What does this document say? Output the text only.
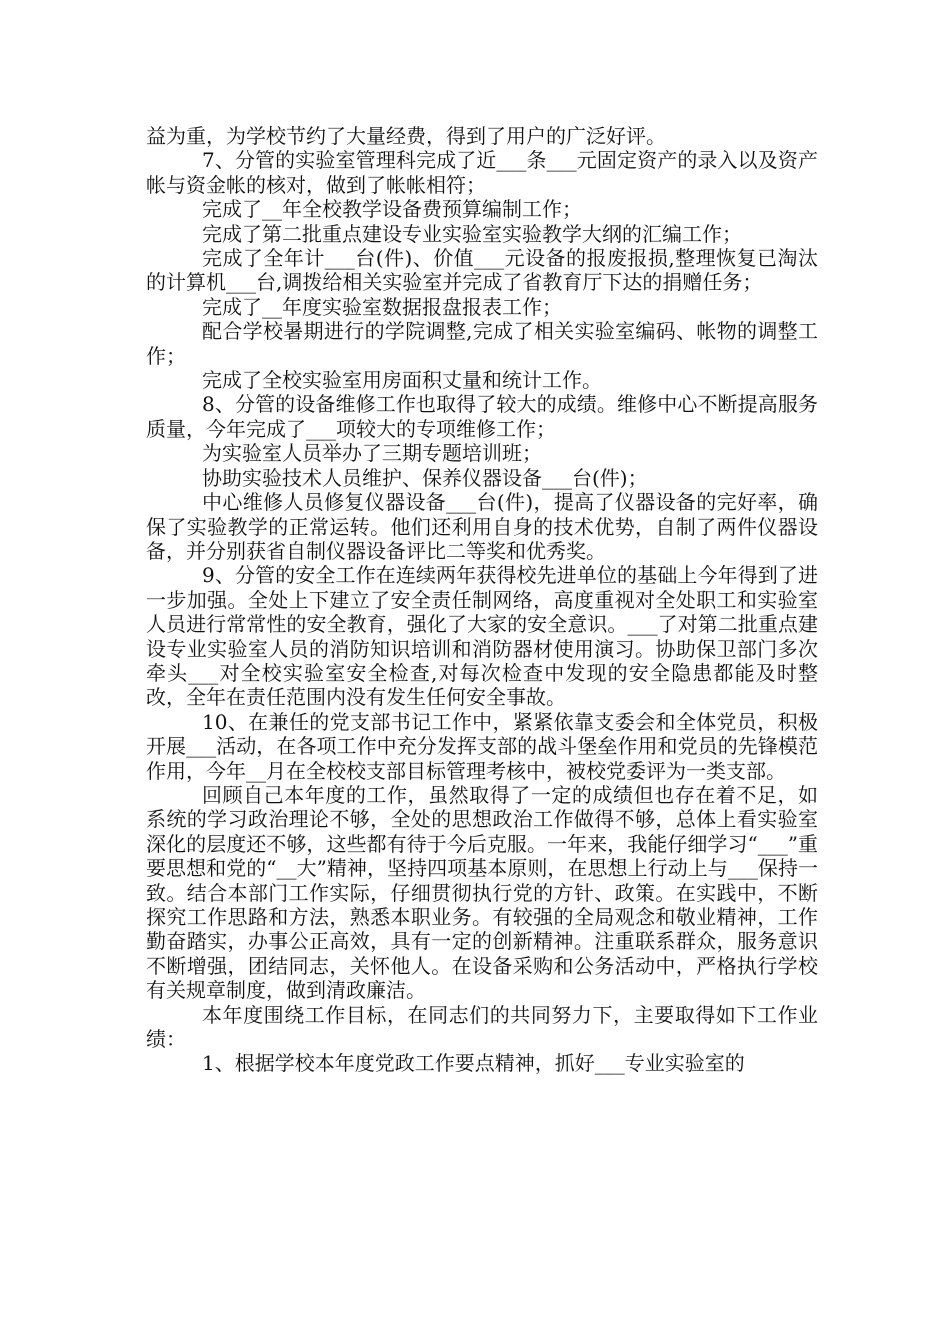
益为重，为学校节约了大量经费，得到了用户的广泛好评。

7、分管的实验室管理科完成了近___条___元固定资产的录入以及资产帐与资金帐的核对，做到了帐帐相符；

完成了__年全校教学设备费预算编制工作；

完成了第二批重点建设专业实验室实验教学大纲的汇编工作；

完成了全年计___台(件)、价值___元设备的报废报损,整理恢复已淘汰的计算机___台,调拨给相关实验室并完成了省教育厅下达的捐赠任务；

完成了__年度实验室数据报盘报表工作；

配合学校暑期进行的学院调整,完成了相关实验室编码、帐物的调整工作；

完成了全校实验室用房面积丈量和统计工作。

8、分管的设备维修工作也取得了较大的成绩。维修中心不断提高服务质量，今年完成了___项较大的专项维修工作；

为实验室人员举办了三期专题培训班；

协助实验技术人员维护、保养仪器设备___台(件)；

中心维修人员修复仪器设备___台(件)，提高了仪器设备的完好率，确保了实验教学的正常运转。他们还利用自身的技术优势，自制了两件仪器设备，并分别获省自制仪器设备评比二等奖和优秀奖。

9、分管的安全工作在连续两年获得校先进单位的基础上今年得到了进一步加强。全处上下建立了安全责任制网络，高度重视对全处职工和实验室人员进行常常性的安全教育，强化了大家的安全意识。___了对第二批重点建设专业实验室人员的消防知识培训和消防器材使用演习。协助保卫部门多次牵头___对全校实验室安全检查,对每次检查中发现的安全隐患都能及时整改，全年在责任范围内没有发生任何安全事故。

10、在兼任的党支部书记工作中，紧紧依靠支委会和全体党员，积极开展___活动，在各项工作中充分发挥支部的战斗堡垒作用和党员的先锋模范作用，今年__月在全校校支部目标管理考核中，被校党委评为一类支部。

回顾自己本年度的工作，虽然取得了一定的成绩但也存在着不足，如系统的学习政治理论不够，全处的思想政治工作做得不够，总体上看实验室深化的层度还不够，这些都有待于今后克服。一年来，我能仔细学习“___”重要思想和党的“__大”精神，坚持四项基本原则，在思想上行动上与___保持一致。结合本部门工作实际，仔细贯彻执行党的方针、政策。在实践中，不断探究工作思路和方法，熟悉本职业务。有较强的全局观念和敬业精神，工作勤奋踏实，办事公正高效，具有一定的创新精神。注重联系群众，服务意识不断增强，团结同志，关怀他人。在设备采购和公务活动中，严格执行学校有关规章制度，做到清政廉洁。

本年度围绕工作目标，在同志们的共同努力下，主要取得如下工作业绩：

1、根据学校本年度党政工作要点精神，抓好___专业实验室的
